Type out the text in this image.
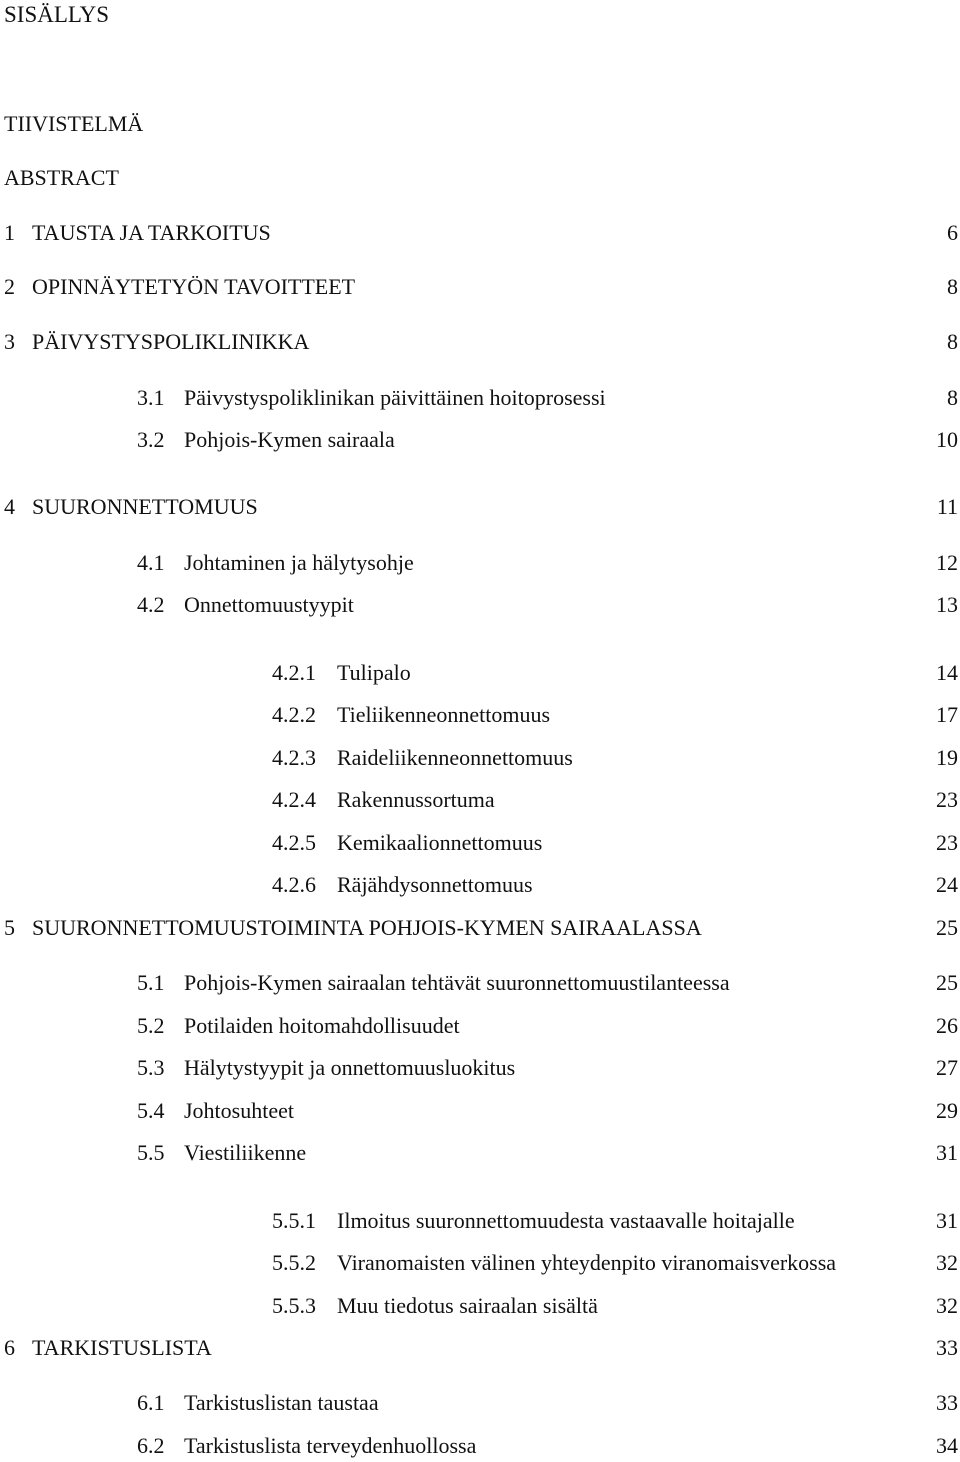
SISÄLLYS
TIIVISTELMÄ
ABSTRACT
1 TAUSTA JA TARKOITUS	6
2 OPINNÄYTETYÖN TAVOITTEET	8
3 PÄIVYSTYSPOLIKLINIKKA	8
3.1 Päivystyspoliklinikan päivittäinen hoitoprosessi	8
3.2 Pohjois-Kymen sairaala	10
4 SUURONNETTOMUUS	11
4.1 Johtaminen ja hälytysohje	12
4.2 Onnettomuustyypit	13
4.2.1 Tulipalo	14
4.2.2 Tieliikenneonnettomuus	17
4.2.3 Raideliikenneonnettomuus	19
4.2.4 Rakennussortuma	23
4.2.5 Kemikaalionnettomuus	23
4.2.6 Räjähdysonnettomuus	24
5 SUURONNETTOMUUSTOIMINTA POHJOIS-KYMEN SAIRAALASSA	25
5.1 Pohjois-Kymen sairaalan tehtävät suuronnettomuustilanteessa	25
5.2 Potilaiden hoitomahdollisuudet	26
5.3 Hälytystyypit ja onnettomuusluokitus	27
5.4 Johtosuhteet	29
5.5 Viestiliikenne	31
5.5.1 Ilmoitus suuronnettomuudesta vastaavalle hoitajalle	31
5.5.2 Viranomaisten välinen yhteydenpito viranomaisverkossa	32
5.5.3 Muu tiedotus sairaalan sisältä	32
6 TARKISTUSLISTA	33
6.1 Tarkistuslistan taustaa	33
6.2 Tarkistuslista terveydenhuollossa	34
